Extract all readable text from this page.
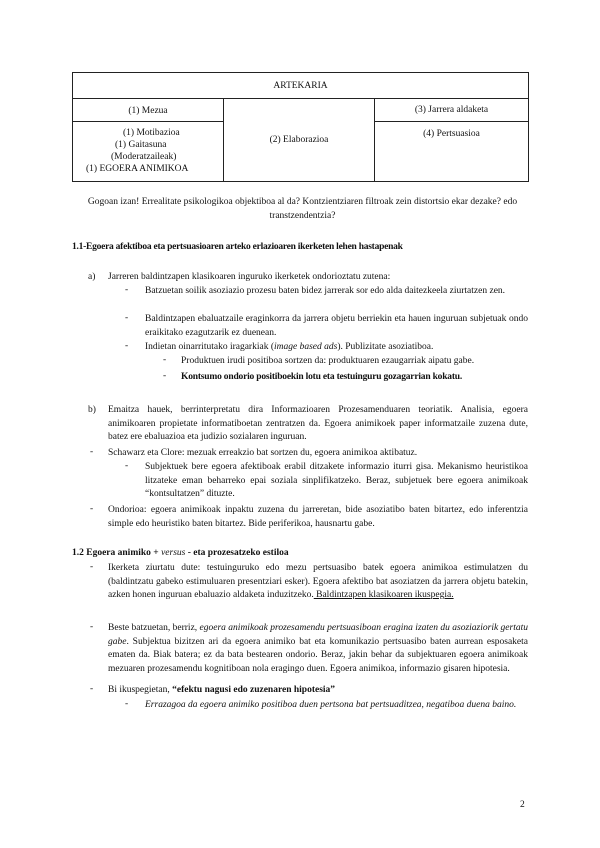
ARTEKARIA
(1) Mezua
(2) Elaborazioa
(3) Jarrera aldaketa
(1) Motibazioa
(1) Gaitasuna
(Moderatzaileak)
(1) EGOERA ANIMIKOA
(4) Pertsuasioa
Gogoan izan! Errealitate psikologikoa objektiboa al da? Kontzientziaren filtroak zein distortsio ekar dezake? edo transtzendentzia?
1.1-Egoera afektiboa eta pertsuasioaren arteko erlazioaren ikerketen lehen hastapenak
a) Jarreren baldintzapen klasikoaren inguruko ikerketek ondorioztatu zutena:
- Batzuetan soilik asoziazio prozesu baten bidez jarrerak sor edo alda daitezkeela ziurtatzen zen.
- Baldintzapen ebaluatzaile eraginkorra da jarrera objetu berriekin eta hauen inguruan subjetuak ondo eraikitako ezagutzarik ez duenean.
- Indietan oinarritutako iragarkiak (image based ads). Publizitate asoziatiboa.
- Produktuen irudi positiboa sortzen da: produktuaren ezaugarriak aipatu gabe.
- Kontsumo ondorio positiboekin lotu eta testuinguru gozagarrian kokatu.
b) Emaitza hauek, berrinterpretatu dira Informazioaren Prozesamenduaren teoriatik. Analisia, egoera animikoaren propietate informatiboetan zentratzen da. Egoera animikoek paper informatzaile zuzena dute, batez ere ebaluazioa eta judizio sozialaren inguruan.
- Schawarz eta Clore: mezuak erreakzio bat sortzen du, egoera animikoa aktibatuz.
- Subjektuek bere egoera afektiboak erabil ditzakete informazio iturri gisa. Mekanismo heuristikoa litzateke eman beharreko epai soziala sinplifikatzeko. Beraz, subjetuek bere egoera animikoak “kontsultatzen” dituzte.
- Ondorioa: egoera animikoak inpaktu zuzena du jarreretan, bide asoziatibo baten bitartez, edo inferentzia simple edo heuristiko baten bitartez. Bide periferikoa, hausnartu gabe.
1.2 Egoera animiko + versus - eta prozesatzeko estiloa
- Ikerketa ziurtatu dute: testuinguruko edo mezu pertsuasibo batek egoera animikoa estimulatzen du (baldintzatu gabeko estimuluaren presentziari esker). Egoera afektibo bat asoziatzen da jarrera objetu batekin, azken honen inguruan ebaluazio aldaketa induzitzeko. Baldintzapen klasikoaren ikuspegia.
- Beste batzuetan, berriz, egoera animikoak prozesamendu pertsuasiboan eragina izaten du asoziaziorik gertatu gabe. Subjektua bizitzen ari da egoera animiko bat eta komunikazio pertsuasibo baten aurrean esposaketa ematen da. Biak batera; ez da bata bestearen ondorio. Beraz, jakin behar da subjektuaren egoera animikoak mezuaren prozesamendu kognitiboan nola eragingo duen. Egoera animikoa, informazio gisaren hipotesia.
- Bi ikuspegietan, “efektu nagusi edo zuzenaren hipotesia”
- Errazagoa da egoera animiko positiboa duen pertsona bat pertsuaditzea, negatiboa duena baino.
2
